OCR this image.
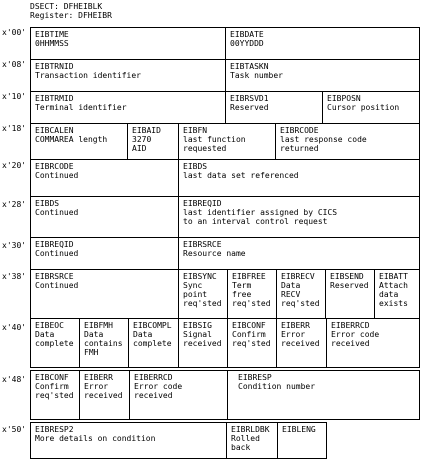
DSECT: DFHEIBLK
Register: DFHEIBR
x'00'
x'08'
x'10'
x'18'
x'20'
x'28'
x'30'
x'38'
x'40'
x'48'
x'50'
EIBTIME
0HHMMSS
EIBDATE
00YYDDD
EIBTRNID
Transaction identifier
EIBTASKN
Task number
EIBTRMID
Terminal identifier
EIBRSVD1
Reserved
EIBPOSN
Cursor position
EIBCALEN
COMMAREA length
EIBAID
3270
AID
EIBFN
last function
requested
EIBRCODE
last response code
returned
EIBRCODE
Continued
EIBDS
last data set referenced
EIBDS
Continued
EIBREQID
last identifier assigned by CICS
to an interval control request
EIBREQID
Continued
EIBRSRCE
Resource name
EIBRSRCE
Continued
EIBSYNC
Sync
point
req'sted
EIBFREE
Term
free
req'sted
EIBRECV
Data
RECV
req'sted
EIBSEND
Reserved
EIBATT
Attach
data
exists
EIBEOC
Data
complete
EIBFMH
Data
contains
FMH
EIBCOMPL
Data
complete
EIBSIG
Signal
received
EIBCONF
Confirm
req'sted
EIBERR
Error
received
EIBERRCD
Error code
received
EIBCONF
Confirm
req'sted
EIBERR
Error
received
EIBERRCD
Error code
received
EIBRESP
Condition number
EIBRESP2
More details on condition
EIBRLDBK
Rolled
back
EIBLENG
